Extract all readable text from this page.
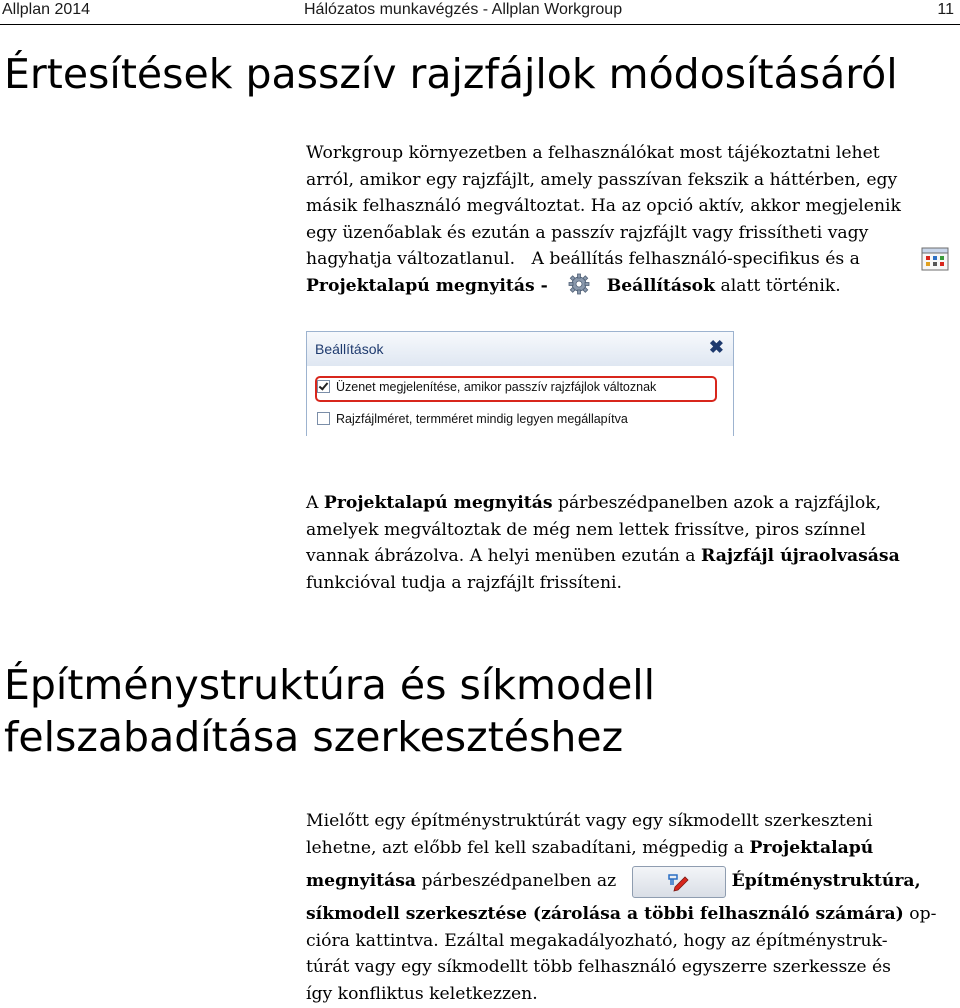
Allplan 2014	Hálózatos munkavégzés - Allplan Workgroup	11
Értesítések passzív rajzfájlok módosításáról
Workgroup környezetben a felhasználókat most tájékoztatni lehet
arról, amikor egy rajzfájlt, amely passzívan fekszik a háttérben, egy
másik felhasználó megváltoztat. Ha az opció aktív, akkor megjelenik
egy üzenőablak és ezután a passzív rajzfájlt vagy frissítheti vagy
hagyhatja változatlanul.   A beállítás felhasználó-specifikus és a
Projektalapú megnyitás -	Beállítások alatt történik.
Beállítások	✖
Üzenet megjelenítése, amikor passzív rajzfájlok változnak
Rajzfájlméret, termméret mindig legyen megállapítva
A Projektalapú megnyitás párbeszédpanelben azok a rajzfájlok,
amelyek megváltoztak de még nem lettek frissítve, piros színnel
vannak ábrázolva. A helyi menüben ezután a Rajzfájl újraolvasása
funkcióval tudja a rajzfájlt frissíteni.
Építménystruktúra és síkmodell
felszabadítása szerkesztéshez
Mielőtt egy építménystruktúrát vagy egy síkmodellt szerkeszteni
lehetne, azt előbb fel kell szabadítani, mégpedig a Projektalapú
megnyitása párbeszédpanelben az	Építménystruktúra,
síkmodell szerkesztése (zárolása a többi felhasználó számára) op-
cióra kattintva. Ezáltal megakadályozható, hogy az építménystruk-
túrát vagy egy síkmodellt több felhasználó egyszerre szerkessze és
így konfliktus keletkezzen.
